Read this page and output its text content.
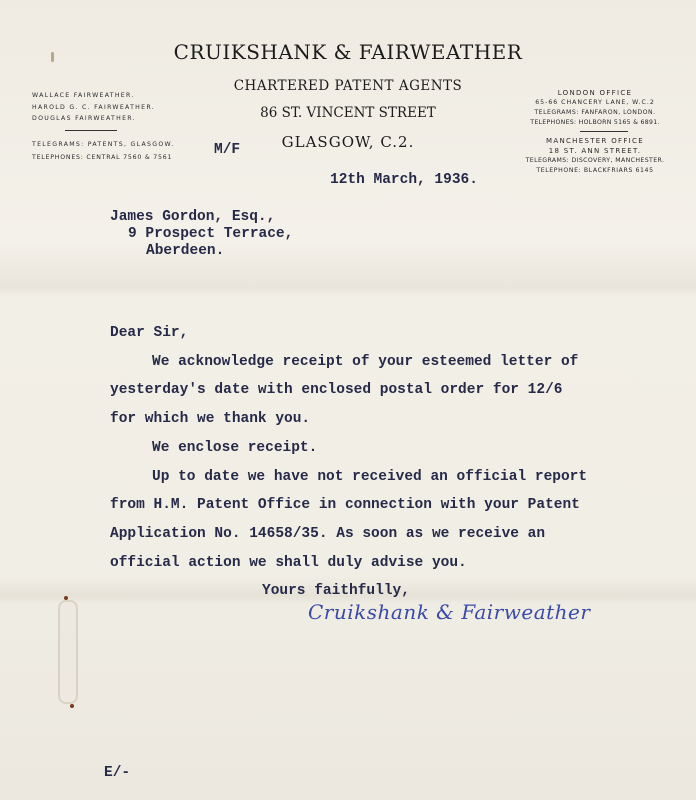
CRUIKSHANK & FAIRWEATHER
CHARTERED PATENT AGENTS
86 ST. VINCENT STREET
GLASGOW, C.2.
WALLACE FAIRWEATHER.
HAROLD G. C. FAIRWEATHER.
DOUGLAS FAIRWEATHER.
TELEGRAMS: PATENTS, GLASGOW.
TELEPHONES: CENTRAL 7560 & 7561
LONDON OFFICE
65-66 CHANCERY LANE, W.C.2
TELEGRAMS: FANFARON, LONDON.
TELEPHONES: HOLBORN 5165 & 6891.
MANCHESTER OFFICE
18 ST. ANN STREET.
TELEGRAMS: DISCOVERY, MANCHESTER.
TELEPHONE: BLACKFRIARS 6145
M/F
12th March, 1936.
James Gordon, Esq.,
9 Prospect Terrace,
Aberdeen.
Dear Sir,
We acknowledge receipt of your esteemed letter of
yesterday's date with enclosed postal order for 12/6
for which we thank you.
We enclose receipt.
Up to date we have not received an official report
from H.M. Patent Office in connection with your Patent
Application No. 14658/35. As soon as we receive an
official action we shall duly advise you.
Yours faithfully,
Cruikshank & Fairweather
E/-
